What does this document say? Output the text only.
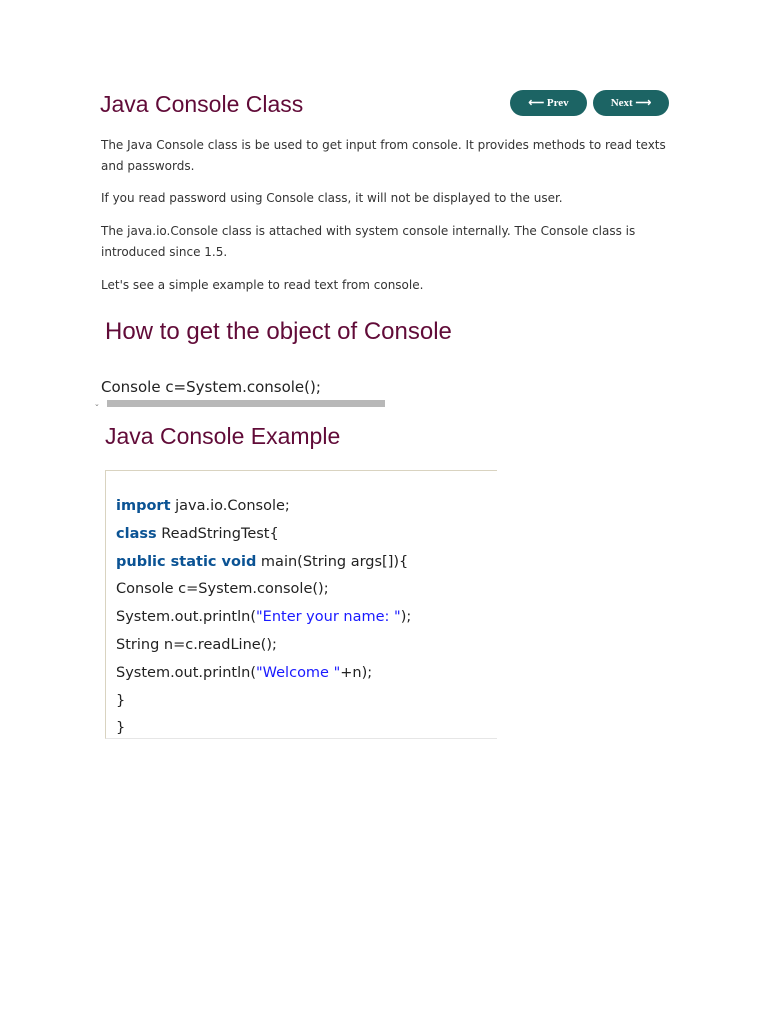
Java Console Class	⟵ Prev	Next ⟶

The Java Console class is be used to get input from console. It provides methods to read texts and passwords.

If you read password using Console class, it will not be displayed to the user.

The java.io.Console class is attached with system console internally. The Console class is introduced since 1.5.

Let's see a simple example to read text from console.

How to get the object of Console
Console c=System.console();
⌄
Java Console Example
import java.io.Console;
class ReadStringTest{
public static void main(String args[]){
Console c=System.console();
System.out.println("Enter your name: ");
String n=c.readLine();
System.out.println("Welcome "+n);
}
}
